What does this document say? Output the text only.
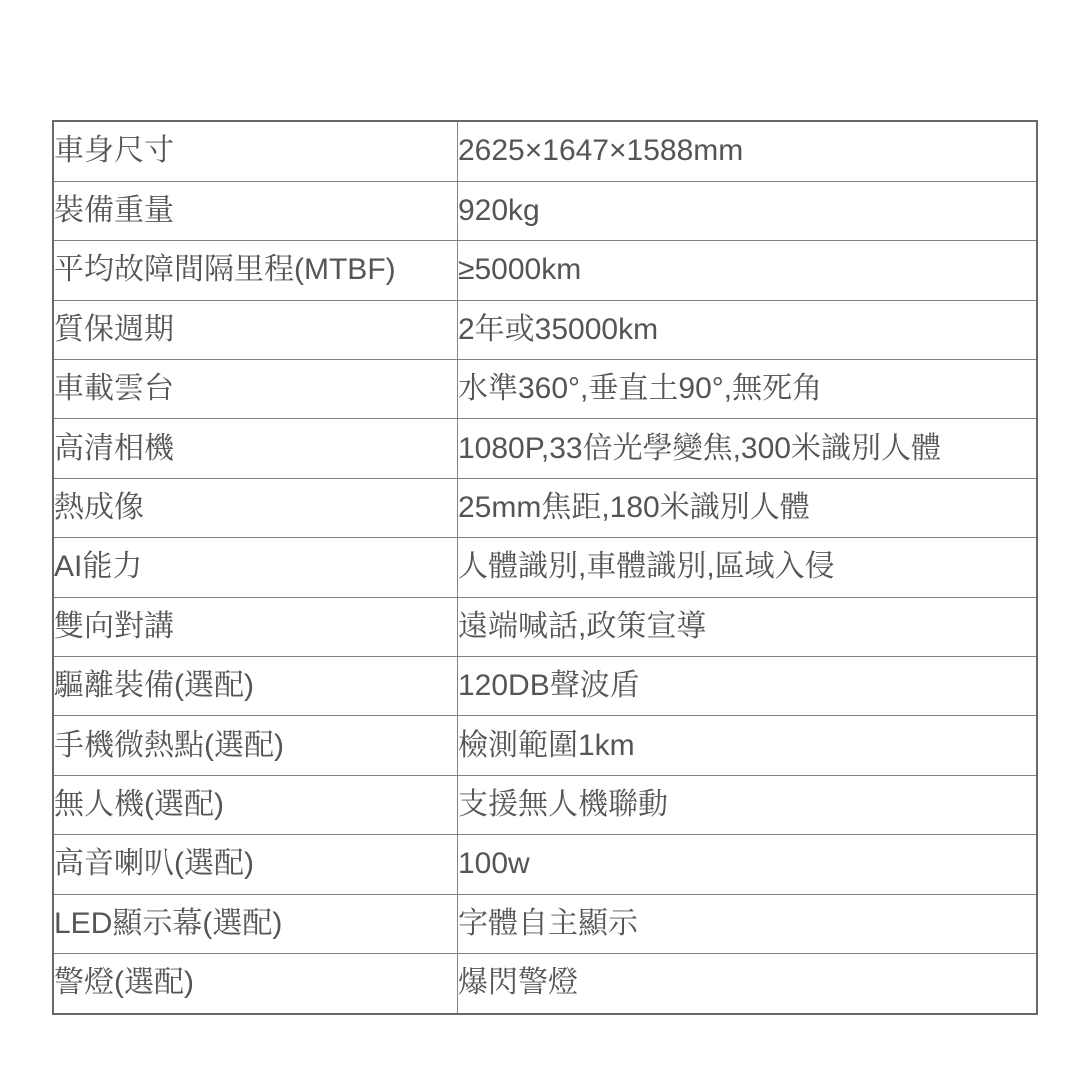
車身尺寸	2625×1647×1588mm
裝備重量	920kg
平均故障間隔里程(MTBF)	≥5000km
質保週期	2年或35000km
車載雲台	水準360°,垂直土90°,無死角
高清相機	1080P,33倍光學變焦,300米識別人體
熱成像	25mm焦距,180米識別人體
AI能力	人體識別,車體識別,區域入侵
雙向對講	遠端喊話,政策宣導
驅離裝備(選配)	120DB聲波盾
手機微熱點(選配)	檢測範圍1km
無人機(選配)	支援無人機聯動
高音喇叭(選配)	100w
LED顯示幕(選配)	字體自主顯示
警燈(選配)	爆閃警燈
